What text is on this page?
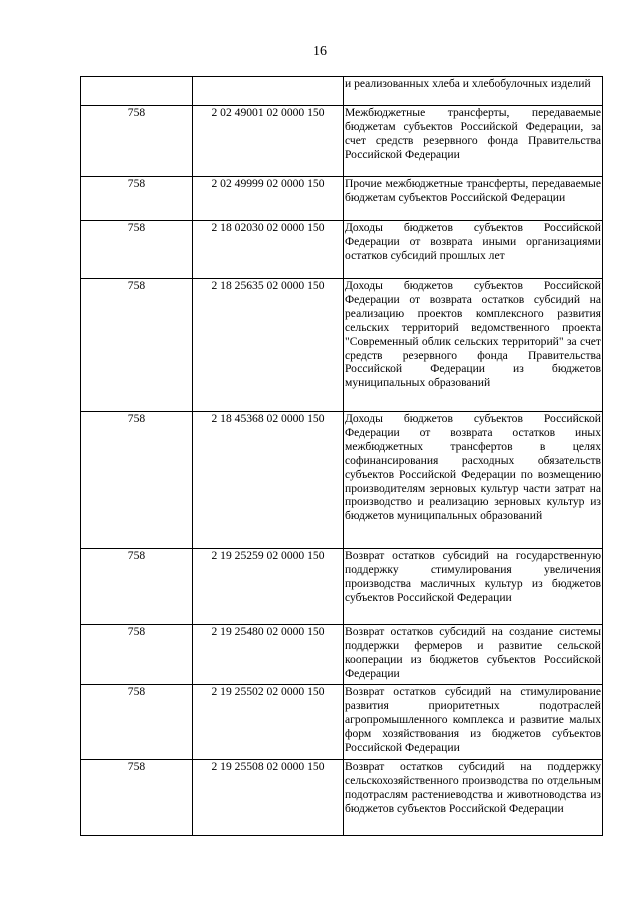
16
		и реализованных хлеба и хлебобулочных изделий
758	2 02 49001 02 0000 150	Межбюджетные трансферты, передаваемые бюджетам субъектов Российской Федерации, за счет средств резервного фонда Правительства Российской Федерации
758	2 02 49999 02 0000 150	Прочие межбюджетные трансферты, передаваемые бюджетам субъектов Российской Федерации
758	2 18 02030 02 0000 150	Доходы бюджетов субъектов Российской Федерации от возврата иными организациями остатков субсидий прошлых лет
758	2 18 25635 02 0000 150	Доходы бюджетов субъектов Российской Федерации от возврата остатков субсидий на реализацию проектов комплексного развития сельских территорий ведомственного проекта "Современный облик сельских территорий" за счет средств резервного фонда Правительства Российской Федерации из бюджетов муниципальных образований
758	2 18 45368 02 0000 150	Доходы бюджетов субъектов Российской Федерации от возврата остатков иных межбюджетных трансфертов в целях софинансирования расходных обязательств субъектов Российской Федерации по возмещению производителям зерновых культур части затрат на производство и реализацию зерновых культур из бюджетов муниципальных образований
758	2 19 25259 02 0000 150	Возврат остатков субсидий на государственную поддержку стимулирования увеличения производства масличных культур из бюджетов субъектов Российской Федерации
758	2 19 25480 02 0000 150	Возврат остатков субсидий на создание системы поддержки фермеров и развитие сельской кооперации из бюджетов субъектов Российской Федерации
758	2 19 25502 02 0000 150	Возврат остатков субсидий на стимулирование развития приоритетных подотраслей агропромышленного комплекса и развитие малых форм хозяйствования из бюджетов субъектов Российской Федерации
758	2 19 25508 02 0000 150	Возврат остатков субсидий на поддержку сельскохозяйственного производства по отдельным подотраслям растениеводства и животноводства из бюджетов субъектов Российской Федерации
